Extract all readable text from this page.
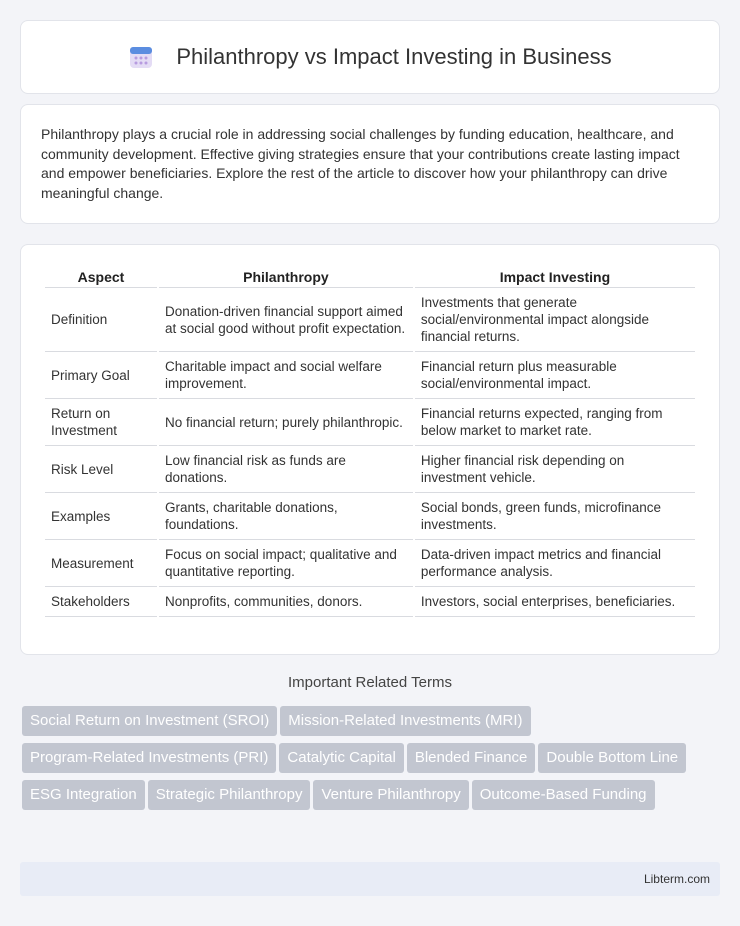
Philanthropy vs Impact Investing in Business

Philanthropy plays a crucial role in addressing social challenges by funding education, healthcare, and community development. Effective giving strategies ensure that your contributions create lasting impact and empower beneficiaries. Explore the rest of the article to discover how your philanthropy can drive meaningful change.

Aspect	Philanthropy	Impact Investing
Definition	Donation-driven financial support aimed at social good without profit expectation.	Investments that generate social/environmental impact alongside financial returns.
Primary Goal	Charitable impact and social welfare improvement.	Financial return plus measurable social/environmental impact.
Return on Investment	No financial return; purely philanthropic.	Financial returns expected, ranging from below market to market rate.
Risk Level	Low financial risk as funds are donations.	Higher financial risk depending on investment vehicle.
Examples	Grants, charitable donations, foundations.	Social bonds, green funds, microfinance investments.
Measurement	Focus on social impact; qualitative and quantitative reporting.	Data-driven impact metrics and financial performance analysis.
Stakeholders	Nonprofits, communities, donors.	Investors, social enterprises, beneficiaries.
Important Related Terms
Social Return on Investment (SROI) Mission-Related Investments (MRI)Program-Related Investments (PRI) Catalytic Capital Blended Finance Double Bottom LineESG Integration Strategic Philanthropy Venture Philanthropy Outcome-Based Funding
Libterm.com
